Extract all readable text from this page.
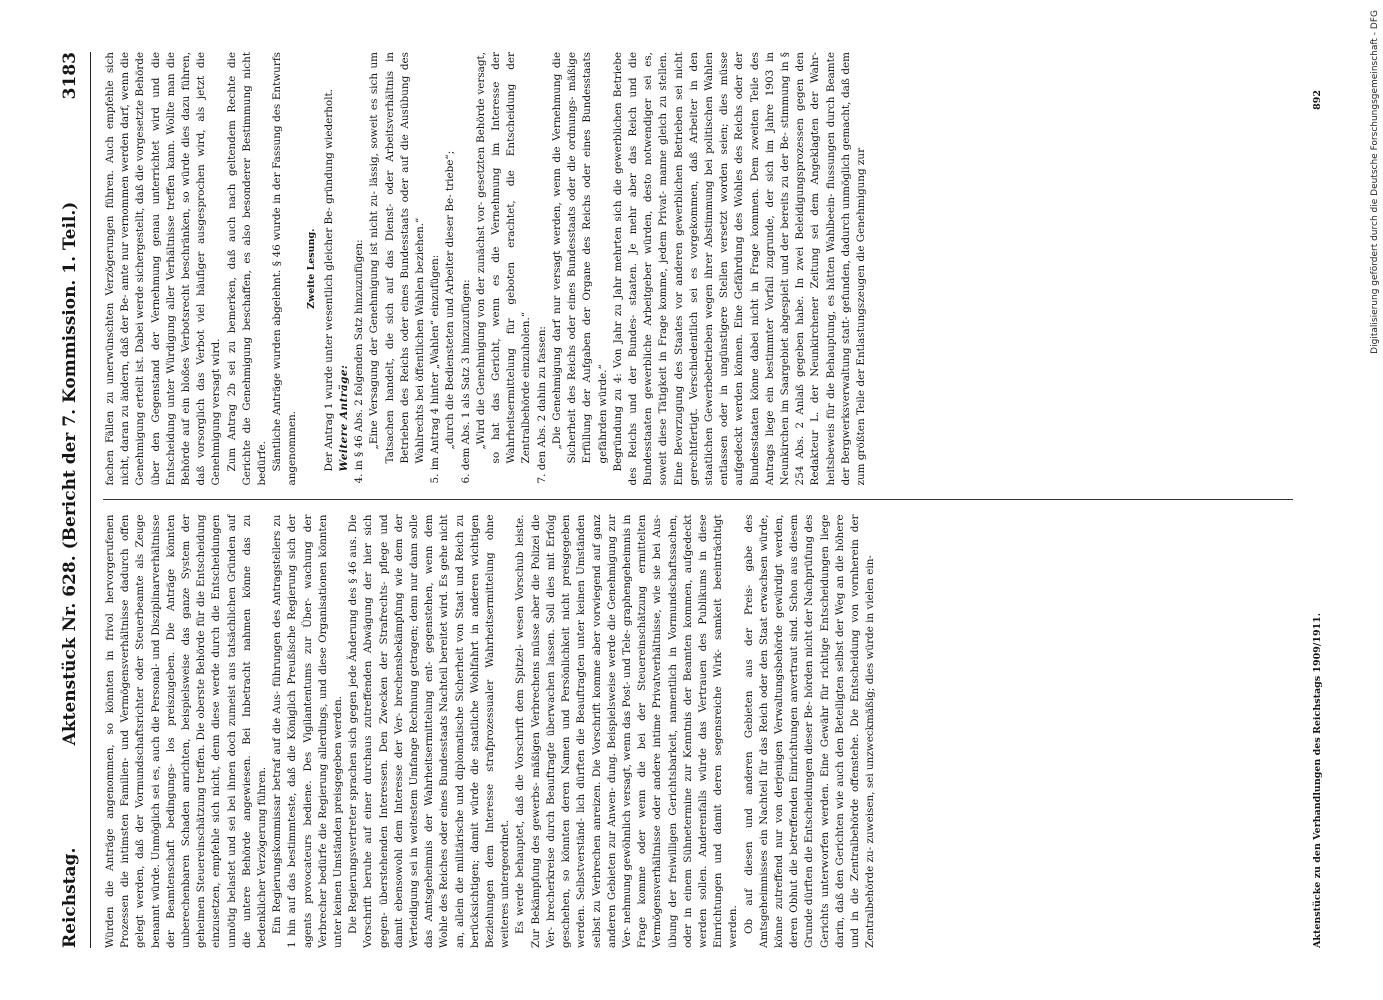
Reichstag.
Aktenstück Nr. 628. (Bericht der 7. Kommission. 1. Teil.)
3183

Würden die Anträge angenommen, so könnten in frivol hervorgerufenen Prozessen die intimsten Familien- und Vermögensverhältnisse dadurch offen gelegt werden, daß der Vormundschaftsrichter oder Steuerbeamte als Zeuge benannt würde. Unmöglich sei es, auch die Personal- und Disziplinarverhältnisse der Beamtenschaft bedingungs- los preiszugeben. Die Anträge könnten unberechenbaren Schaden anrichten, beispielsweise das ganze System der geheimen Steuereinschätzung treffen. Die oberste Behörde für die Entscheidung einzusetzen, empfehle sich nicht, denn diese werde durch die Entscheidungen unnötig belastet und sei bei ihnen doch zumeist aus tatsächlichen Gründen auf die untere Behörde angewiesen. Bei Inbetracht nahmen könne das zu bedenklicher Verzögerung führen. Ein Regierungskommissar betraf auf die Aus- führungen des Antragstellers zu 1 hin auf das bestimmteste, daß die Königlich Preußische Regierung sich der agents provocateurs bediene. Des Vigilantentums zur Über- wachung der Verbrecher bedürfe die Regierung allerdings, und diese Organisationen könnten unter keinen Umständen preisgegeben werden. Die Regierungsvertreter sprachen sich gegen jede Änderung des § 46 aus. Die Vorschrift beruhe auf einer durchaus zutreffenden Abwägung der hier sich gegen- überstehenden Interessen. Den Zwecken der Strafrechts- pflege und damit ebensowohl dem Interesse der Ver- brechensbekämpfung wie dem der Verteidigung sei in weitestem Umfange Rechnung getragen; denn nur dann solle das Amtsgeheimnis der Wahrheitsermittelung ent- gegenstehen, wenn dem Wohle des Reiches oder eines Bundesstaats Nachteil bereitet wird. Es gehe nicht an, allein die militärische und diplomatische Sicherheit von Staat und Reich zu berücksichtigen; damit würde die staatliche Wohlfahrt in anderen wichtigen Beziehungen dem Interesse strafprozessualer Wahrheitsermittelung ohne weiteres untergeordnet. Es werde behauptet, daß die Vorschrift dem Spitzel- wesen Vorschub leiste. Zur Bekämpfung des gewerbs- mäßigen Verbrechens müsse aber die Polizei die Ver- brecherkreise durch Beauftragte überwachen lassen. Soll dies mit Erfolg geschehen, so könnten deren Namen und Persönlichkeit nicht preisgegeben werden. Selbstverständ- lich dürften die Beauftragten unter keinen Umständen selbst zu Verbrechen anreizen. Die Vorschrift komme aber vorwiegend auf ganz anderen Gebieten zur Anwen- dung. Beispielsweise werde die Genehmigung zur Ver- nehmung gewöhnlich versagt, wenn das Post- und Tele- graphengeheimnis in Frage komme oder wenn die bei der Steuereinschätzung ermittelten Vermögensverhältnisse oder andere intime Privatverhältnisse, wie sie bei Aus- übung der freiwilligen Gerichtsbarkeit, namentlich in Vormundschaftssachen, oder in einem Sühnetermine zur Kenntnis der Beamten kommen, aufgedeckt werden sollen. Anderenfalls würde das Vertrauen des Publikums in diese Einrichtungen und damit deren segensreiche Wirk- samkeit beeinträchtigt werden. Ob auf diesen und anderen Gebieten aus der Preis- gabe des Amtsgeheimnisses ein Nachteil für das Reich oder den Staat erwachsen würde, könne zutreffend nur von derjenigen Verwaltungsbehörde gewürdigt werden, deren Obhut die betreffenden Einrichtungen anvertraut sind. Schon aus diesem Grunde dürften die Entscheidungen dieser Be- hörden nicht der Nachprüfung des Gerichts unterworfen werden. Eine Gewähr für richtige Entscheidungen liege darin, daß den Gerichten wie auch den Beteiligten selbst der Weg an die höhere und in die Zentralbehörde offenstehe. Die Entscheidung von vornherein der Zentralbehörde zu- zuweisen, sei unzweckmäßig; dies würde in vielen ein-

fachen Fällen zu unerwünschten Verzögerungen führen. Auch empfehle sich nicht, daran zu ändern, daß der Be- amte nur vernommen werden darf, wenn die Genehmigung erteilt ist. Dabei werde sichergestellt, daß die vorgesetzte Behörde über den Gegenstand der Vernehmung genau unterrichtet wird und die Entscheidung unter Würdigung aller Verhältnisse treffen kann. Wollte man die Behörde auf ein bloßes Verbotsrecht beschränken, so würde dies dazu führen, daß vorsorglich das Verbot viel häufiger ausgesprochen wird, als jetzt die Genehmigung versagt wird. Zum Antrag 2b sei zu bemerken, daß auch nach geltendem Rechte die Gerichte die Genehmigung beschaffen, es also besonderer Bestimmung nicht bedürfe. Sämtliche Anträge wurden abgelehnt. § 46 wurde in der Fassung des Entwurfs angenommen.

Zweite Lesung. Der Antrag 1 wurde unter wesentlich gleicher Be- gründung wiederholt. Weitere Anträge: 4. in § 46 Abs. 2 folgenden Satz hinzuzufügen: „Eine Versagung der Genehmigung ist nicht zu- lässig, soweit es sich um Tatsachen handelt, die sich auf das Dienst- oder Arbeitsverhältnis in Betrieben des Reichs oder eines Bundesstaats oder auf die Ausübung des Wahlrechts bei öffentlichen Wahlen beziehen.“ 5. im Antrag 4 hinter „Wahlen“ einzufügen: „durch die Bediensteten und Arbeiter dieser Be- triebe“; 6. dem Abs. 1 als Satz 3 hinzuzufügen: „Wird die Genehmigung von der zunächst vor- gesetzten Behörde versagt, so hat das Gericht, wenn es die Vernehmung im Interesse der Wahrheitsermittelung für geboten erachtet, die Entscheidung der Zentralbehörde einzuholen.“ 7. den Abs. 2 dahin zu fassen: „Die Genehmigung darf nur versagt werden, wenn die Vernehmung die Sicherheit des Reichs oder eines Bundesstaats oder die ordnungs- mäßige Erfüllung der Aufgaben der Organe des Reichs oder eines Bundesstaats gefährden würde.“ Begründung zu 4: Von Jahr zu Jahr mehrten sich die gewerblichen Betriebe des Reichs und der Bundes- staaten. Je mehr aber das Reich und die Bundesstaaten gewerbliche Arbeitgeber würden, desto notwendiger sei es, soweit diese Tätigkeit in Frage komme, jedem Privat- manne gleich zu stellen. Eine Bevorzugung des Staates vor anderen gewerblichen Betrieben sei nicht gerechtfertigt. Verschiedentlich sei es vorgekommen, daß Arbeiter in den staatlichen Gewerbebetrieben wegen ihrer Abstimmung bei politischen Wahlen entlassen oder in ungünstigere Stellen versetzt worden seien; dies müsse aufgedeckt werden können. Eine Gefährdung des Wohles des Reichs oder der Bundesstaaten könne dabei nicht in Frage kommen. Dem zweiten Teile des Antrags liege ein bestimmter Vorfall zugrunde, der sich im Jahre 1903 in Neunkirchen im Saargebiet abgespielt und der bereits zu der Be- stimmung in § 254 Abs. 2 Anlaß gegeben habe. In zwei Beleidigungsprozessen gegen den Redakteur L. der Neunkirchener Zeitung sei dem Angeklagten der Wahr- heitsbeweis für die Behauptung, es hätten Wahlbeein- flussungen durch Beamte der Bergwerksverwaltung statt- gefunden, dadurch unmöglich gemacht, daß dem zum größten Teile der Entlastungszeugen die Genehmigung zur

Aktenstücke zu den Verhandlungen des Reichstags 1909/1911.
892	Digitalisierung gefördert durch die Deutsche Forschungsgemeinschaft - DFG
